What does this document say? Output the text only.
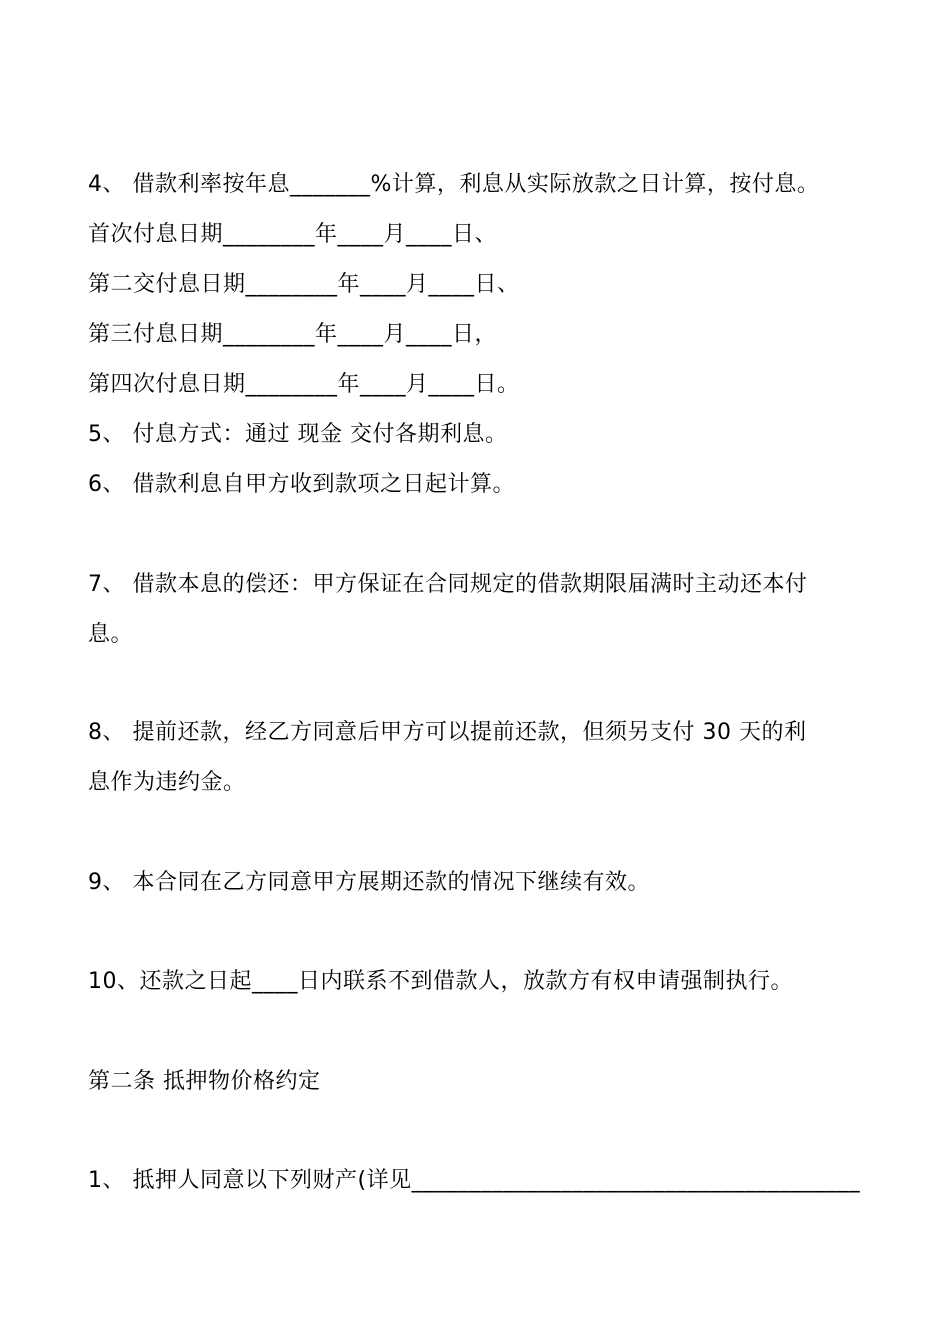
4、 借款利率按年息_______%计算，利息从实际放款之日计算，按付息。
首次付息日期________年____月____日、
第二交付息日期________年____月____日、
第三付息日期________年____月____日，
第四次付息日期________年____月____日。
5、 付息方式：通过 现金 交付各期利息。
6、 借款利息自甲方收到款项之日起计算。
7、 借款本息的偿还：甲方保证在合同规定的借款期限届满时主动还本付
息。
8、 提前还款，经乙方同意后甲方可以提前还款，但须另支付 30 天的利
息作为违约金。
9、 本合同在乙方同意甲方展期还款的情况下继续有效。
10、还款之日起____日内联系不到借款人，放款方有权申请强制执行。
第二条 抵押物价格约定
1、 抵押人同意以下列财产(详见_______________________________________
